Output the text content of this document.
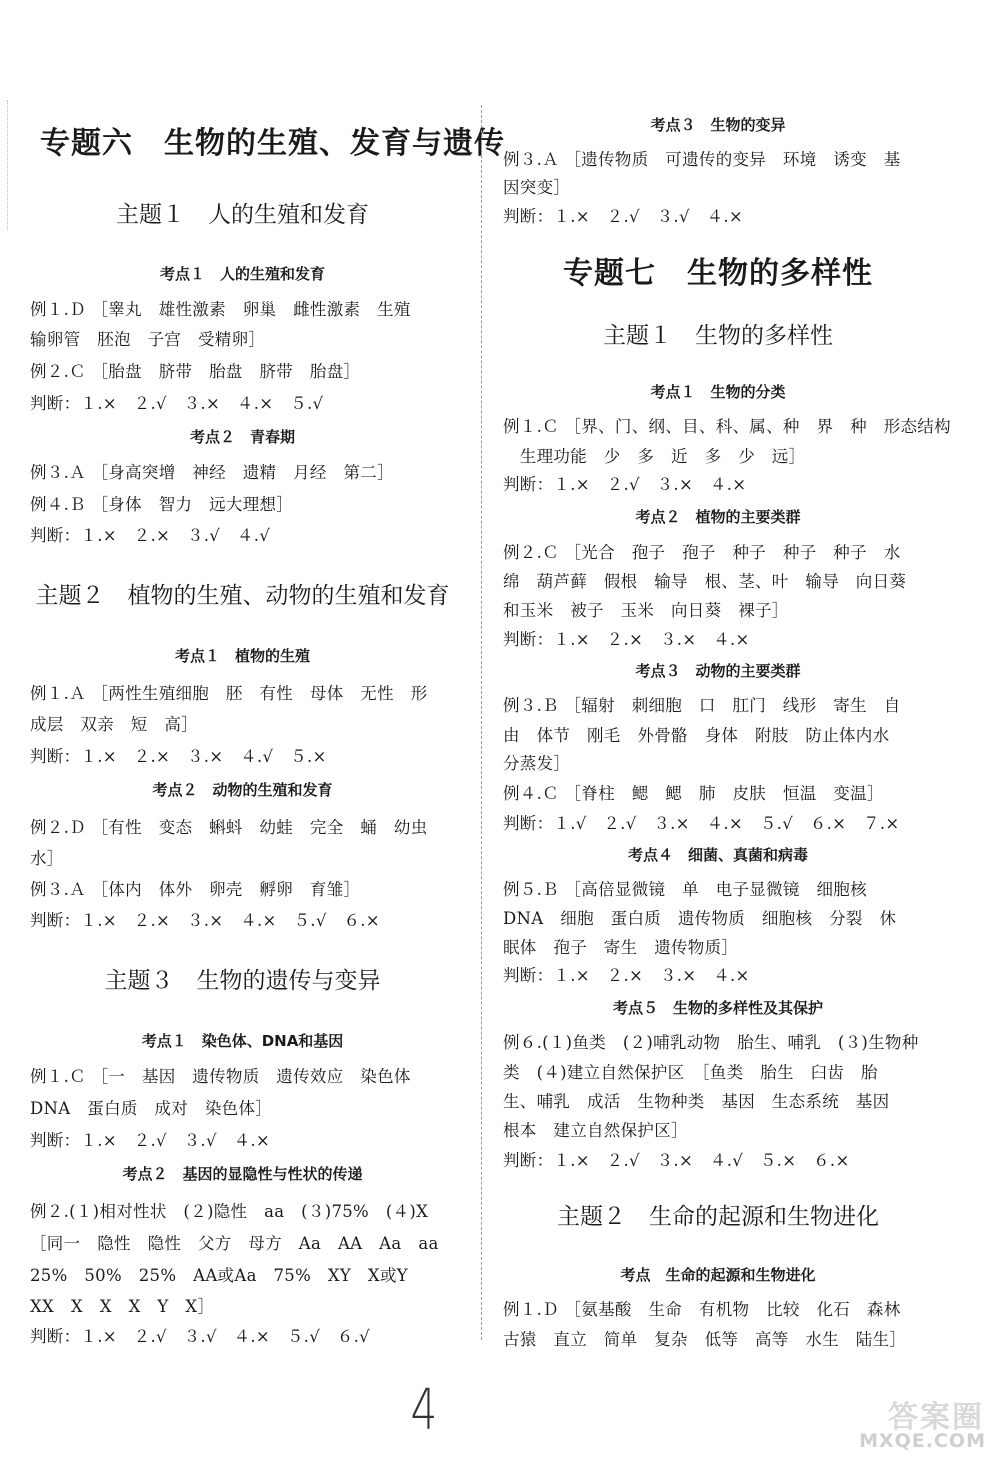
专题六　生物的生殖、发育与遗传
主题１　人的生殖和发育
考点１　人的生殖和发育
例１.Ｄ ［睾丸　雄性激素　卵巢　雌性激素　生殖
输卵管　胚泡　子宫　受精卵］
例２.Ｃ ［胎盘　脐带　胎盘　脐带　胎盘］
判断：１.×　２.√　３.×　４.×　５.√
考点２　青春期
例３.Ａ ［身高突增　神经　遗精　月经　第二］
例４.Ｂ ［身体　智力　远大理想］
判断：１.×　２.×　３.√　４.√
主题２　植物的生殖、动物的生殖和发育
考点１　植物的生殖
例１.Ａ ［两性生殖细胞　胚　有性　母体　无性　形
成层　双亲　短　高］
判断：１.×　２.×　３.×　４.√　５.×
考点２　动物的生殖和发育
例２.Ｄ ［有性　变态　蝌蚪　幼蛙　完全　蛹　幼虫
水］
例３.Ａ ［体内　体外　卵壳　孵卵　育雏］
判断：１.×　２.×　３.×　４.×　５.√　６.×
主题３　生物的遗传与变异
考点１　染色体、DNA和基因
例１.Ｃ ［一　基因　遗传物质　遗传效应　染色体
DNA　蛋白质　成对　染色体］
判断：１.×　２.√　３.√　４.×
考点２　基因的显隐性与性状的传递
例２.(１)相对性状　(２)隐性　aa　(３)75%　(４)X
［同一　隐性　隐性　父方　母方　Aa　AA　Aa　aa
25%　50%　25%　AA或Aa　75%　XY　X或Y
XX　X　X　X　Y　X］
判断：１.×　２.√　３.√　４.×　５.√　６.√
考点３　生物的变异
例３.Ａ ［遗传物质　可遗传的变异　环境　诱变　基
因突变］
判断：１.×　２.√　３.√　４.×
专题七　生物的多样性
主题１　生物的多样性
考点１　生物的分类
例１.Ｃ ［界、门、纲、目、科、属、种　界　种　形态结构
　生理功能　少　多　近　多　少　远］
判断：１.×　２.√　３.×　４.×
考点２　植物的主要类群
例２.Ｃ ［光合　孢子　孢子　种子　种子　种子　水
绵　葫芦藓　假根　输导　根、茎、叶　输导　向日葵
和玉米　被子　玉米　向日葵　裸子］
判断：１.×　２.×　３.×　４.×
考点３　动物的主要类群
例３.Ｂ ［辐射　刺细胞　口　肛门　线形　寄生　自
由　体节　刚毛　外骨骼　身体　附肢　防止体内水
分蒸发］
例４.Ｃ ［脊柱　鳃　鳃　肺　皮肤　恒温　变温］
判断：１.√　２.√　３.×　４.×　５.√　６.×　７.×
考点４　细菌、真菌和病毒
例５.Ｂ ［高倍显微镜　单　电子显微镜　细胞核
DNA　细胞　蛋白质　遗传物质　细胞核　分裂　休
眠体　孢子　寄生　遗传物质］
判断：１.×　２.×　３.×　４.×
考点５　生物的多样性及其保护
例６.(１)鱼类　(２)哺乳动物　胎生、哺乳　(３)生物种
类　(４)建立自然保护区　［鱼类　胎生　臼齿　胎
生、哺乳　成活　生物种类　基因　生态系统　基因
根本　建立自然保护区］
判断：１.×　２.√　３.×　４.√　５.×　６.×
主题２　生命的起源和生物进化
考点　生命的起源和生物进化
例１.Ｄ ［氨基酸　生命　有机物　比较　化石　森林
古猿　直立　简单　复杂　低等　高等　水生　陆生］
4	答案圈
MXQE.COM
